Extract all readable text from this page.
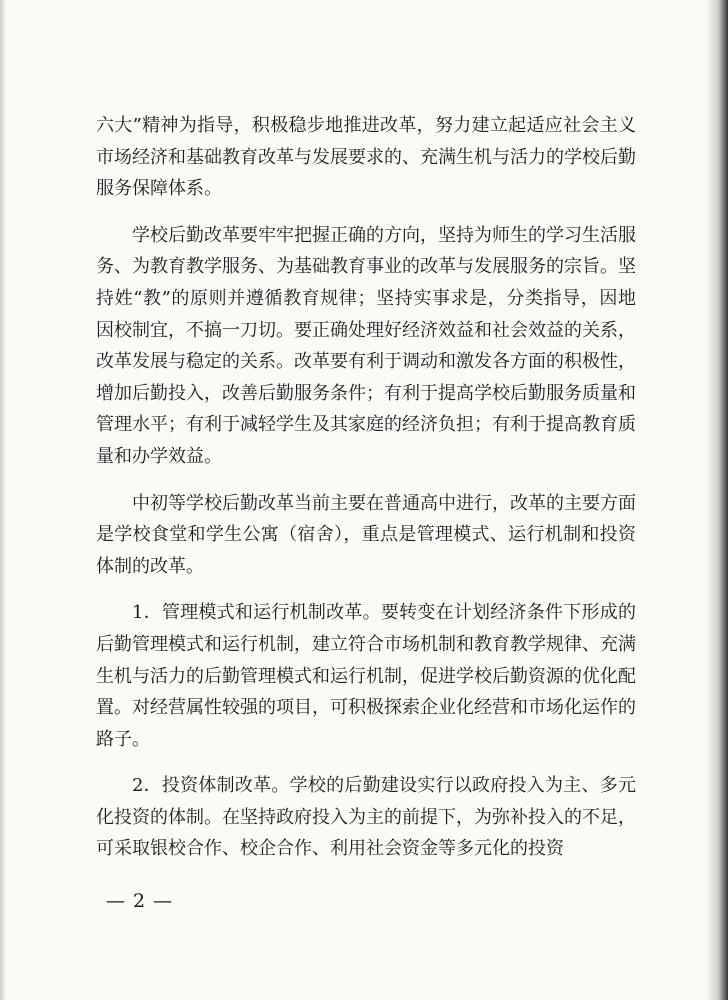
六大”精神为指导，积极稳步地推进改革，努力建立起适应社会主义市场经济和基础教育改革与发展要求的、充满生机与活力的学校后勤服务保障体系。

学校后勤改革要牢牢把握正确的方向，坚持为师生的学习生活服务、为教育教学服务、为基础教育事业的改革与发展服务的宗旨。坚持姓“教”的原则并遵循教育规律；坚持实事求是，分类指导，因地因校制宜，不搞一刀切。要正确处理好经济效益和社会效益的关系，改革发展与稳定的关系。改革要有利于调动和激发各方面的积极性，增加后勤投入，改善后勤服务条件；有利于提高学校后勤服务质量和管理水平；有利于减轻学生及其家庭的经济负担；有利于提高教育质量和办学效益。

中初等学校后勤改革当前主要在普通高中进行，改革的主要方面是学校食堂和学生公寓（宿舍），重点是管理模式、运行机制和投资体制的改革。

1．管理模式和运行机制改革。要转变在计划经济条件下形成的后勤管理模式和运行机制，建立符合市场机制和教育教学规律、充满生机与活力的后勤管理模式和运行机制，促进学校后勤资源的优化配置。对经营属性较强的项目，可积极探索企业化经营和市场化运作的路子。

2．投资体制改革。学校的后勤建设实行以政府投入为主、多元化投资的体制。在坚持政府投入为主的前提下，为弥补投入的不足，可采取银校合作、校企合作、利用社会资金等多元化的投资

— 2 —
